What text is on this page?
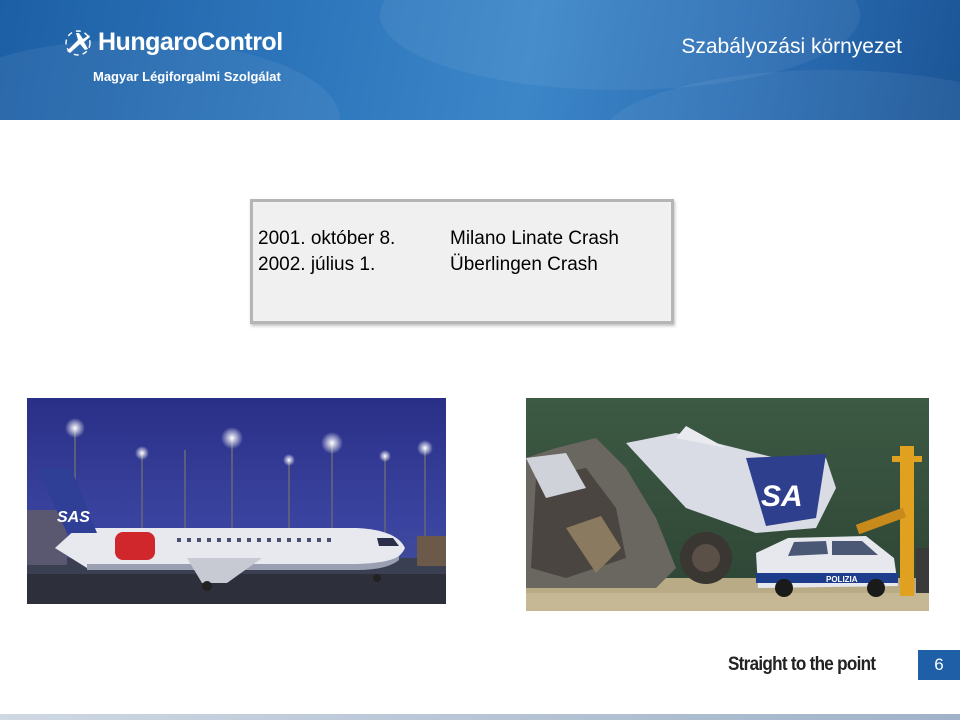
HungaroControl
Magyar Légiforgalmi Szolgálat
Szabályozási környezet
2001. október 8.	Milano Linate Crash
2002. július 1.	Überlingen Crash
SAS
SA
POLIZIA
Straight to the point	6
